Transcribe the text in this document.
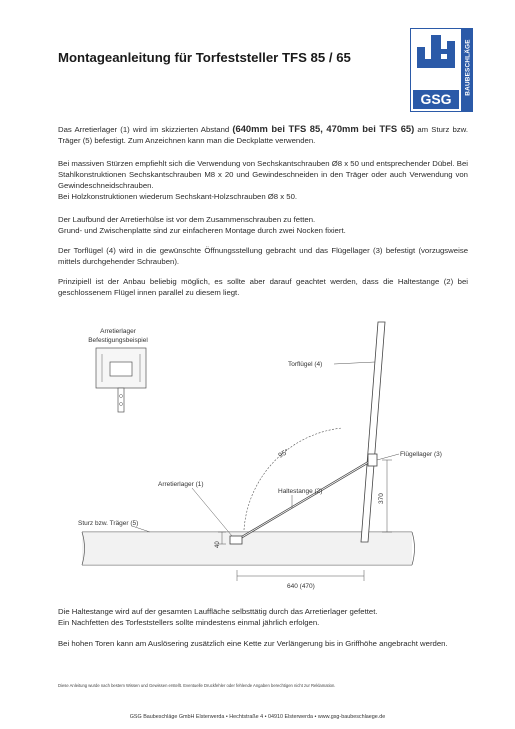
Montageanleitung für Torfeststeller TFS 85 / 65
GSG
BAUBESCHLÄGE
Das Arretierlager (1) wird im skizzierten Abstand (640mm bei TFS 85, 470mm bei TFS 65) am Sturz bzw. Träger (5) befestigt. Zum Anzeichnen kann man die Deckplatte verwenden.
Bei massiven Stürzen empfiehlt sich die Verwendung von Sechskantschrauben Ø8 x 50 und entsprechender Dübel. Bei Stahlkonstruktionen Sechskantschrauben M8 x 20 und Gewindeschneiden in den Träger oder auch Verwendung von Gewindeschneidschrauben.
Bei Holzkonstruktionen wiederum Sechskant-Holzschrauben Ø8 x 50.
Der Laufbund der Arretierhülse ist vor dem Zusammenschrauben zu fetten.
Grund- und Zwischenplatte sind zur einfacheren Montage durch zwei Nocken fixiert.
Der Torflügel (4) wird in die gewünschte Öffnungsstellung gebracht und das Flügellager (3) befestigt (vorzugsweise mittels durchgehender Schrauben).
Prinzipiell ist der Anbau beliebig möglich, es sollte aber darauf geachtet werden, dass die Haltestange (2) bei geschlossenem Flügel innen parallel zu diesem liegt.
Arretierlager
Befestigungsbeispiel
95°
370
40
640 (470)
Torflügel (4)
Flügellager (3)
Arretierlager (1)
Haltestange (2)
Sturz bzw. Träger (5)
Die Haltestange wird auf der gesamten Lauffläche selbsttätig durch das Arretierlager gefettet.
Ein Nachfetten des Torfeststellers sollte mindestens einmal jährlich erfolgen.
Bei hohen Toren kann am Auslösering zusätzlich eine Kette zur Verlängerung bis in Griffhöhe angebracht werden.
Diese Anleitung wurde nach bestem Wissen und Gewissen erstellt. Eventuelle Druckfehler oder fehlende Angaben berechtigen nicht zur Reklamation.
GSG Baubeschläge GmbH Elsterwerda • Hechtstraße 4 • 04910 Elsterwerda • www.gsg-baubeschlaege.de
